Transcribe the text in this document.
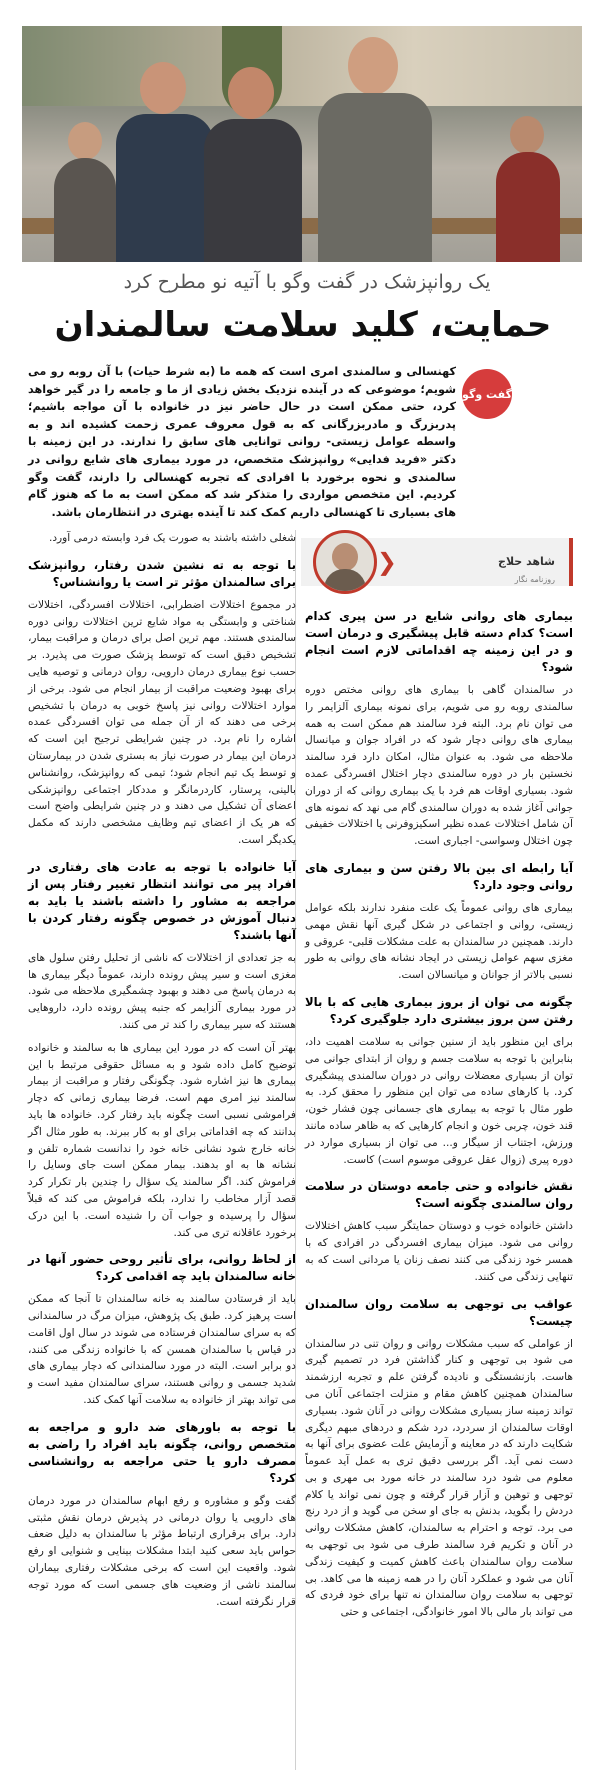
یک روانپزشک در گفت وگو با آتیه نو مطرح کرد
حمایت، کلید سلامت سالمندان
گفت وگو
کهنسالی و سالمندی امری است که همه ما (به شرط حیات) با آن روبه رو می شویم؛ موضوعی که در آینده نزدیک بخش زیادی از ما و جامعه را در گیر خواهد کرد، حتی ممکن است در حال حاضر نیز در خانواده با آن مواجه باشیم؛ پدربزرگ و مادربزرگانی که به قول معروف عمری زحمت کشیده اند و به واسطه عوامل زیستی- روانی توانایی های سابق را ندارند. در این زمینه با دکتر «فرید فدایی» روانپزشک متخصص، در مورد بیماری های شایع روانی در سالمندی و نحوه برخورد با افرادی که تجربه کهنسالی را دارند، گفت وگو کردیم. این متخصص مواردی را متذکر شد که ممکن است به ما که هنوز گام های بسیاری تا کهنسالی داریم کمک کند تا آینده بهتری در انتظارمان باشد.
شاهد حلاج
روزنامه نگار
❮
بیماری های روانی شایع در سن پیری کدام است؟ کدام دسته قابل پیشگیری و درمان است و در این زمینه چه اقداماتی لازم است انجام شود؟

در سالمندان گاهی با بیماری های روانی مختص دوره سالمندی روبه رو می شویم، برای نمونه بیماری آلزایمر را می توان نام برد. البته فرد سالمند هم ممکن است به همه بیماری های روانی دچار شود که در افراد جوان و میانسال ملاحظه می شود. به عنوان مثال، امکان دارد فرد سالمند نخستین بار در دوره سالمندی دچار اختلال افسردگی عمده شود. بسیاری اوقات هم فرد با یک بیماری روانی که از دوران جوانی آغاز شده به دوران سالمندی گام می نهد که نمونه های آن شامل اختلالات عمده نظیر اسکیزوفرنی یا اختلالات خفیفی چون اختلال وسواسی- اجباری است.

آیا رابطه ای بین بالا رفتن سن و بیماری های روانی وجود دارد؟

بیماری های روانی عموماً یک علت منفرد ندارند بلکه عوامل زیستی، روانی و اجتماعی در شکل گیری آنها نقش مهمی دارند. همچنین در سالمندان به علت مشکلات قلبی- عروقی و مغزی سهم عوامل زیستی در ایجاد نشانه های روانی به طور نسبی بالاتر از جوانان و میانسالان است.

چگونه می توان از بروز بیماری هایی که با بالا رفتن سن بروز بیشتری دارد جلوگیری کرد؟

برای این منظور باید از سنین جوانی به سلامت اهمیت داد، بنابراین با توجه به سلامت جسم و روان از ابتدای جوانی می توان از بسیاری معضلات روانی در دوران سالمندی پیشگیری کرد. با کارهای ساده می توان این منظور را محقق کرد. به طور مثال با توجه به بیماری های جسمانی چون فشار خون، قند خون، چربی خون و انجام کارهایی که به ظاهر ساده مانند ورزش، اجتناب از سیگار و... می توان از بسیاری موارد در دوره پیری (زوال عقل عروقی موسوم است) کاست.

نقش خانواده و حتی جامعه دوستان در سلامت روان سالمندی چگونه است؟

داشتن خانواده خوب و دوستان حمایتگر سبب کاهش اختلالات روانی می شود. میزان بیماری افسردگی در افرادی که با همسر خود زندگی می کنند نصف زنان یا مردانی است که به تنهایی زندگی می کنند.

عواقب بی توجهی به سلامت روان سالمندان چیست؟

از عواملی که سبب مشکلات روانی و روان تنی در سالمندان می شود بی توجهی و کنار گذاشتن فرد در تصمیم گیری هاست. بازنشستگی و نادیده گرفتن علم و تجربه ارزشمند سالمندان همچنین کاهش مقام و منزلت اجتماعی آنان می تواند زمینه ساز بسیاری مشکلات روانی در آنان شود. بسیاری اوقات سالمندان از سردرد، درد شکم و دردهای مبهم دیگری شکایت دارند که در معاینه و آزمایش علت عضوی برای آنها به دست نمی آید. اگر بررسی دقیق تری به عمل آید عموماً معلوم می شود درد سالمند در خانه مورد بی مهری و بی توجهی و توهین و آزار قرار گرفته و چون نمی تواند یا کلام دردش را بگوید، بدنش به جای او سخن می گوید و از درد رنج می برد. توجه و احترام به سالمندان، کاهش مشکلات روانی در آنان و تکریم فرد سالمند طرف می شود بی توجهی به سلامت روان سالمندان باعث کاهش کمیت و کیفیت زندگی آنان می شود و عملکرد آنان را در همه زمینه ها می کاهد. بی توجهی به سلامت روان سالمندان نه تنها برای خود فردی که می تواند بار مالی بالا امور خانوادگی، اجتماعی و حتی

شغلی داشته باشند به صورت یک فرد وابسته درمی آورد.

با توجه به ته نشین شدن رفتار، روانپزشک برای سالمندان مؤثر تر است یا روانشناس؟

در مجموع اختلالات اضطرابی، اختلالات افسردگی، اختلالات شناختی و وابستگی به مواد شایع ترین اختلالات روانی دوره سالمندی هستند. مهم ترین اصل برای درمان و مراقبت بیمار، تشخیص دقیق است که توسط پزشک صورت می پذیرد. بر حسب نوع بیماری درمان دارویی، روان درمانی و توصیه هایی برای بهبود وضعیت مراقبت از بیمار انجام می شود. برخی از موارد اختلالات روانی نیز پاسخ خوبی به درمان با تشخیص برخی می دهند که از آن جمله می توان افسردگی عمده اشاره را نام برد. در چنین شرایطی ترجیح این است که درمان این بیمار در صورت نیاز به بستری شدن در بیمارستان و توسط یک تیم انجام شود؛ تیمی که روانپزشک، روانشناس بالینی، پرستار، کاردرمانگر و مددکار اجتماعی روانپزشکی اعضای آن تشکیل می دهند و در چنین شرایطی واضح است که هر یک از اعضای تیم وظایف مشخصی دارند که مکمل یکدیگر است.

آیا خانواده با توجه به عادت های رفتاری در افراد پیر می توانند انتظار تغییر رفتار پس از مراجعه به مشاور را داشته باشند یا باید به دنبال آموزش در خصوص چگونه رفتار کردن با آنها باشند؟

به جز تعدادی از اختلالات که ناشی از تحلیل رفتن سلول های مغزی است و سیر پیش رونده دارند، عموماً دیگر بیماری ها به درمان پاسخ می دهند و بهبود چشمگیری ملاحظه می شود. در مورد بیماری آلزایمر که جنبه پیش رونده دارد، داروهایی هستند که سیر بیماری را کند تر می کنند.

بهتر آن است که در مورد این بیماری ها به سالمند و خانواده توضیح کامل داده شود و به مسائل حقوقی مرتبط با این بیماری ها نیز اشاره شود. چگونگی رفتار و مراقبت از بیمار سالمند نیز امری مهم است. فرضا بیماری زمانی که دچار فراموشی نسبی است چگونه باید رفتار کرد. خانواده ها باید بدانند که چه اقداماتی برای او به کار ببرند. به طور مثال اگر خانه خارج شود نشانی خانه خود را ندانست شماره تلفن و نشانه ها به او بدهند. بیمار ممکن است جای وسایل را فراموش کند. اگر سالمند یک سؤال را چندین بار تکرار کرد قصد آزار مخاطب را ندارد، بلکه فراموش می کند که قبلاً سؤال را پرسیده و جواب آن را شنیده است. با این درک برخورد عاقلانه تری می کند.

از لحاظ روانی، برای تأثیر روحی حضور آنها در خانه سالمندان باید چه اقدامی کرد؟

باید از فرستادن سالمند به خانه سالمندان تا آنجا که ممکن است پرهیز کرد. طبق یک پژوهش، میزان مرگ در سالمندانی که به سرای سالمندان فرستاده می شوند در سال اول اقامت در قیاس با سالمندان همسن که با خانواده زندگی می کنند، دو برابر است. البته در مورد سالمندانی که دچار بیماری های شدید جسمی و روانی هستند، سرای سالمندان مفید است و می تواند بهتر از خانواده به سلامت آنها کمک کند.

با توجه به باورهای ضد دارو و مراجعه به متخصص روانی، چگونه باید افراد را راضی به مصرف دارو یا حتی مراجعه به روانشناسی کرد؟

گفت وگو و مشاوره و رفع ابهام سالمندان در مورد درمان های دارویی یا روان درمانی در پذیرش درمان نقش مثبتی دارد. برای برقراری ارتباط مؤثر با سالمندان به دلیل ضعف حواس باید سعی کنید ابتدا مشکلات بینایی و شنوایی او رفع شود. واقعیت این است که برخی مشکلات رفتاری بیماران سالمند ناشی از وضعیت های جسمی است که مورد توجه قرار نگرفته است.
